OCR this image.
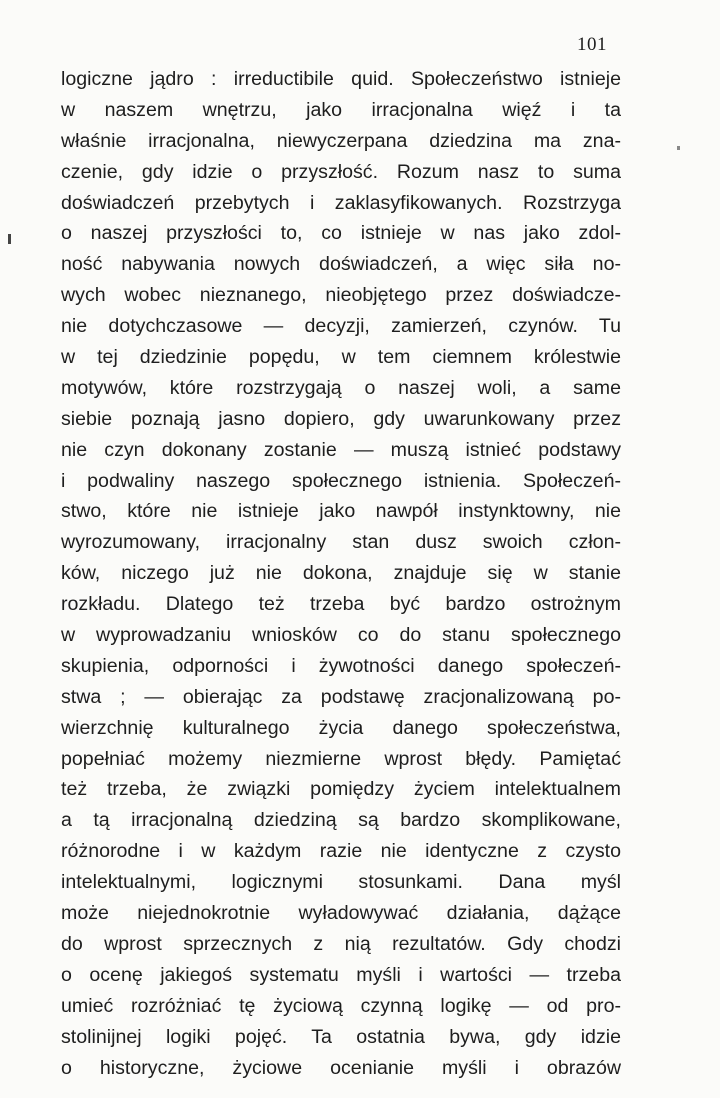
101
logiczne jądro : irreductibile quid. Społeczeństwo istnieje
w naszem wnętrzu, jako irracjonalna więź i ta
właśnie irracjonalna, niewyczerpana dziedzina ma zna-
czenie, gdy idzie o przyszłość. Rozum nasz to suma
doświadczeń przebytych i zaklasyfikowanych. Rozstrzyga
o naszej przyszłości to, co istnieje w nas jako zdol-
ność nabywania nowych doświadczeń, a więc siła no-
wych wobec nieznanego, nieobjętego przez doświadcze-
nie dotychczasowe — decyzji, zamierzeń, czynów. Tu
w tej dziedzinie popędu, w tem ciemnem królestwie
motywów, które rozstrzygają o naszej woli, a same
siebie poznają jasno dopiero, gdy uwarunkowany przez
nie czyn dokonany zostanie — muszą istnieć podstawy
i podwaliny naszego społecznego istnienia. Społeczeń-
stwo, które nie istnieje jako nawpół instynktowny, nie
wyrozumowany, irracjonalny stan dusz swoich człon-
ków, niczego już nie dokona, znajduje się w stanie
rozkładu. Dlatego też trzeba być bardzo ostrożnym
w wyprowadzaniu wniosków co do stanu społecznego
skupienia, odporności i żywotności danego społeczeń-
stwa ; — obierając za podstawę zracjonalizowaną po-
wierzchnię kulturalnego życia danego społeczeństwa,
popełniać możemy niezmierne wprost błędy. Pamiętać
też trzeba, że związki pomiędzy życiem intelektualnem
a tą irracjonalną dziedziną są bardzo skomplikowane,
różnorodne i w każdym razie nie identyczne z czysto
intelektualnymi, logicznymi stosunkami. Dana myśl
może niejednokrotnie wyładowywać działania, dążące
do wprost sprzecznych z nią rezultatów. Gdy chodzi
o ocenę jakiegoś systematu myśli i wartości — trzeba
umieć rozróżniać tę życiową czynną logikę — od pro-
stolinijnej logiki pojęć. Ta ostatnia bywa, gdy idzie
o historyczne, życiowe ocenianie myśli i obrazów
